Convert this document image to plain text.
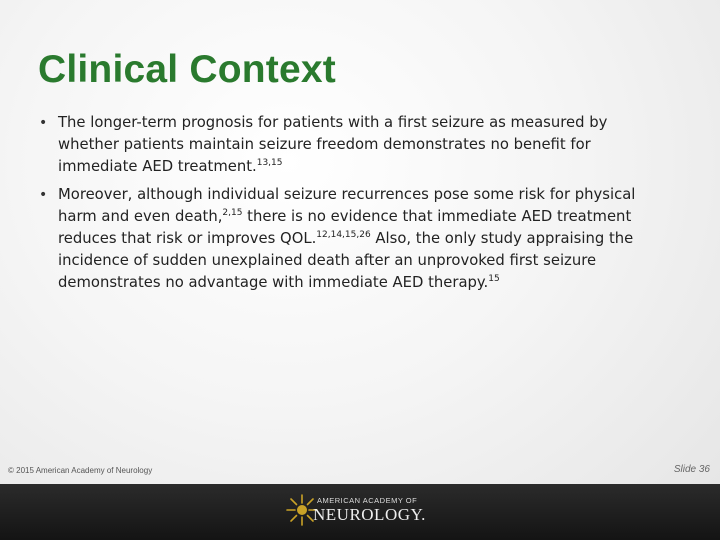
Clinical Context
• The longer-term prognosis for patients with a first seizure as measured by whether patients maintain seizure freedom demonstrates no benefit for immediate AED treatment.$^{13,15}$
• Moreover, although individual seizure recurrences pose some risk for physical harm and even death,$^{2,15}$ there is no evidence that immediate AED treatment reduces that risk or improves QOL.$^{12,14,15,26}$ Also, the only study appraising the incidence of sudden unexplained death after an unprovoked first seizure demonstrates no advantage with immediate AED therapy.$^{15}$
© 2015 American Academy of Neurology	Slide 36
AMERICAN ACADEMY OF
NEUROLOGY.
